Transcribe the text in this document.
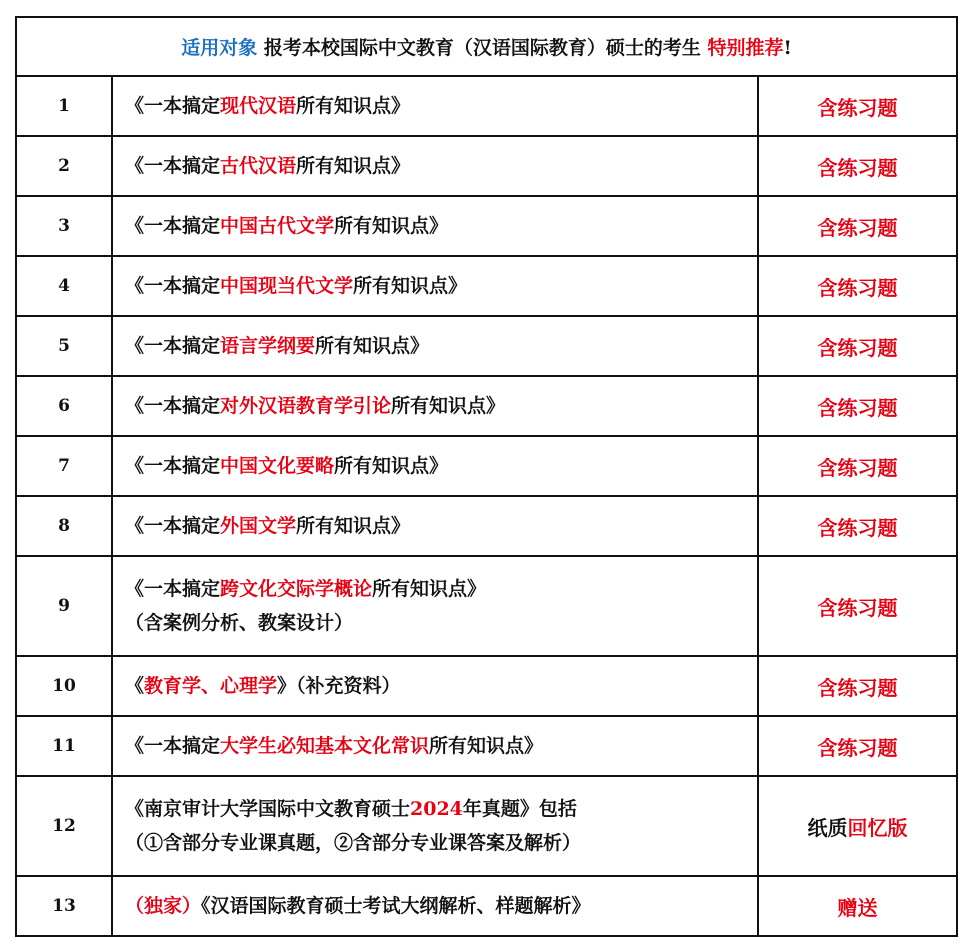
适用对象 报考本校国际中文教育（汉语国际教育）硕士的考生 特别推荐!		
1	《一本搞定现代汉语所有知识点》	含练习题
2	《一本搞定古代汉语所有知识点》	含练习题
3	《一本搞定中国古代文学所有知识点》	含练习题
4	《一本搞定中国现当代文学所有知识点》	含练习题
5	《一本搞定语言学纲要所有知识点》	含练习题
6	《一本搞定对外汉语教育学引论所有知识点》	含练习题
7	《一本搞定中国文化要略所有知识点》	含练习题
8	《一本搞定外国文学所有知识点》	含练习题
9	《一本搞定跨文化交际学概论所有知识点》
（含案例分析、教案设计）	含练习题
10	《教育学、心理学》（补充资料）	含练习题
11	《一本搞定大学生必知基本文化常识所有知识点》	含练习题
12	《南京审计大学国际中文教育硕士2024年真题》包括
（①含部分专业课真题，②含部分专业课答案及解析）	纸质回忆版
13	（独家）《汉语国际教育硕士考试大纲解析、样题解析》	赠送
